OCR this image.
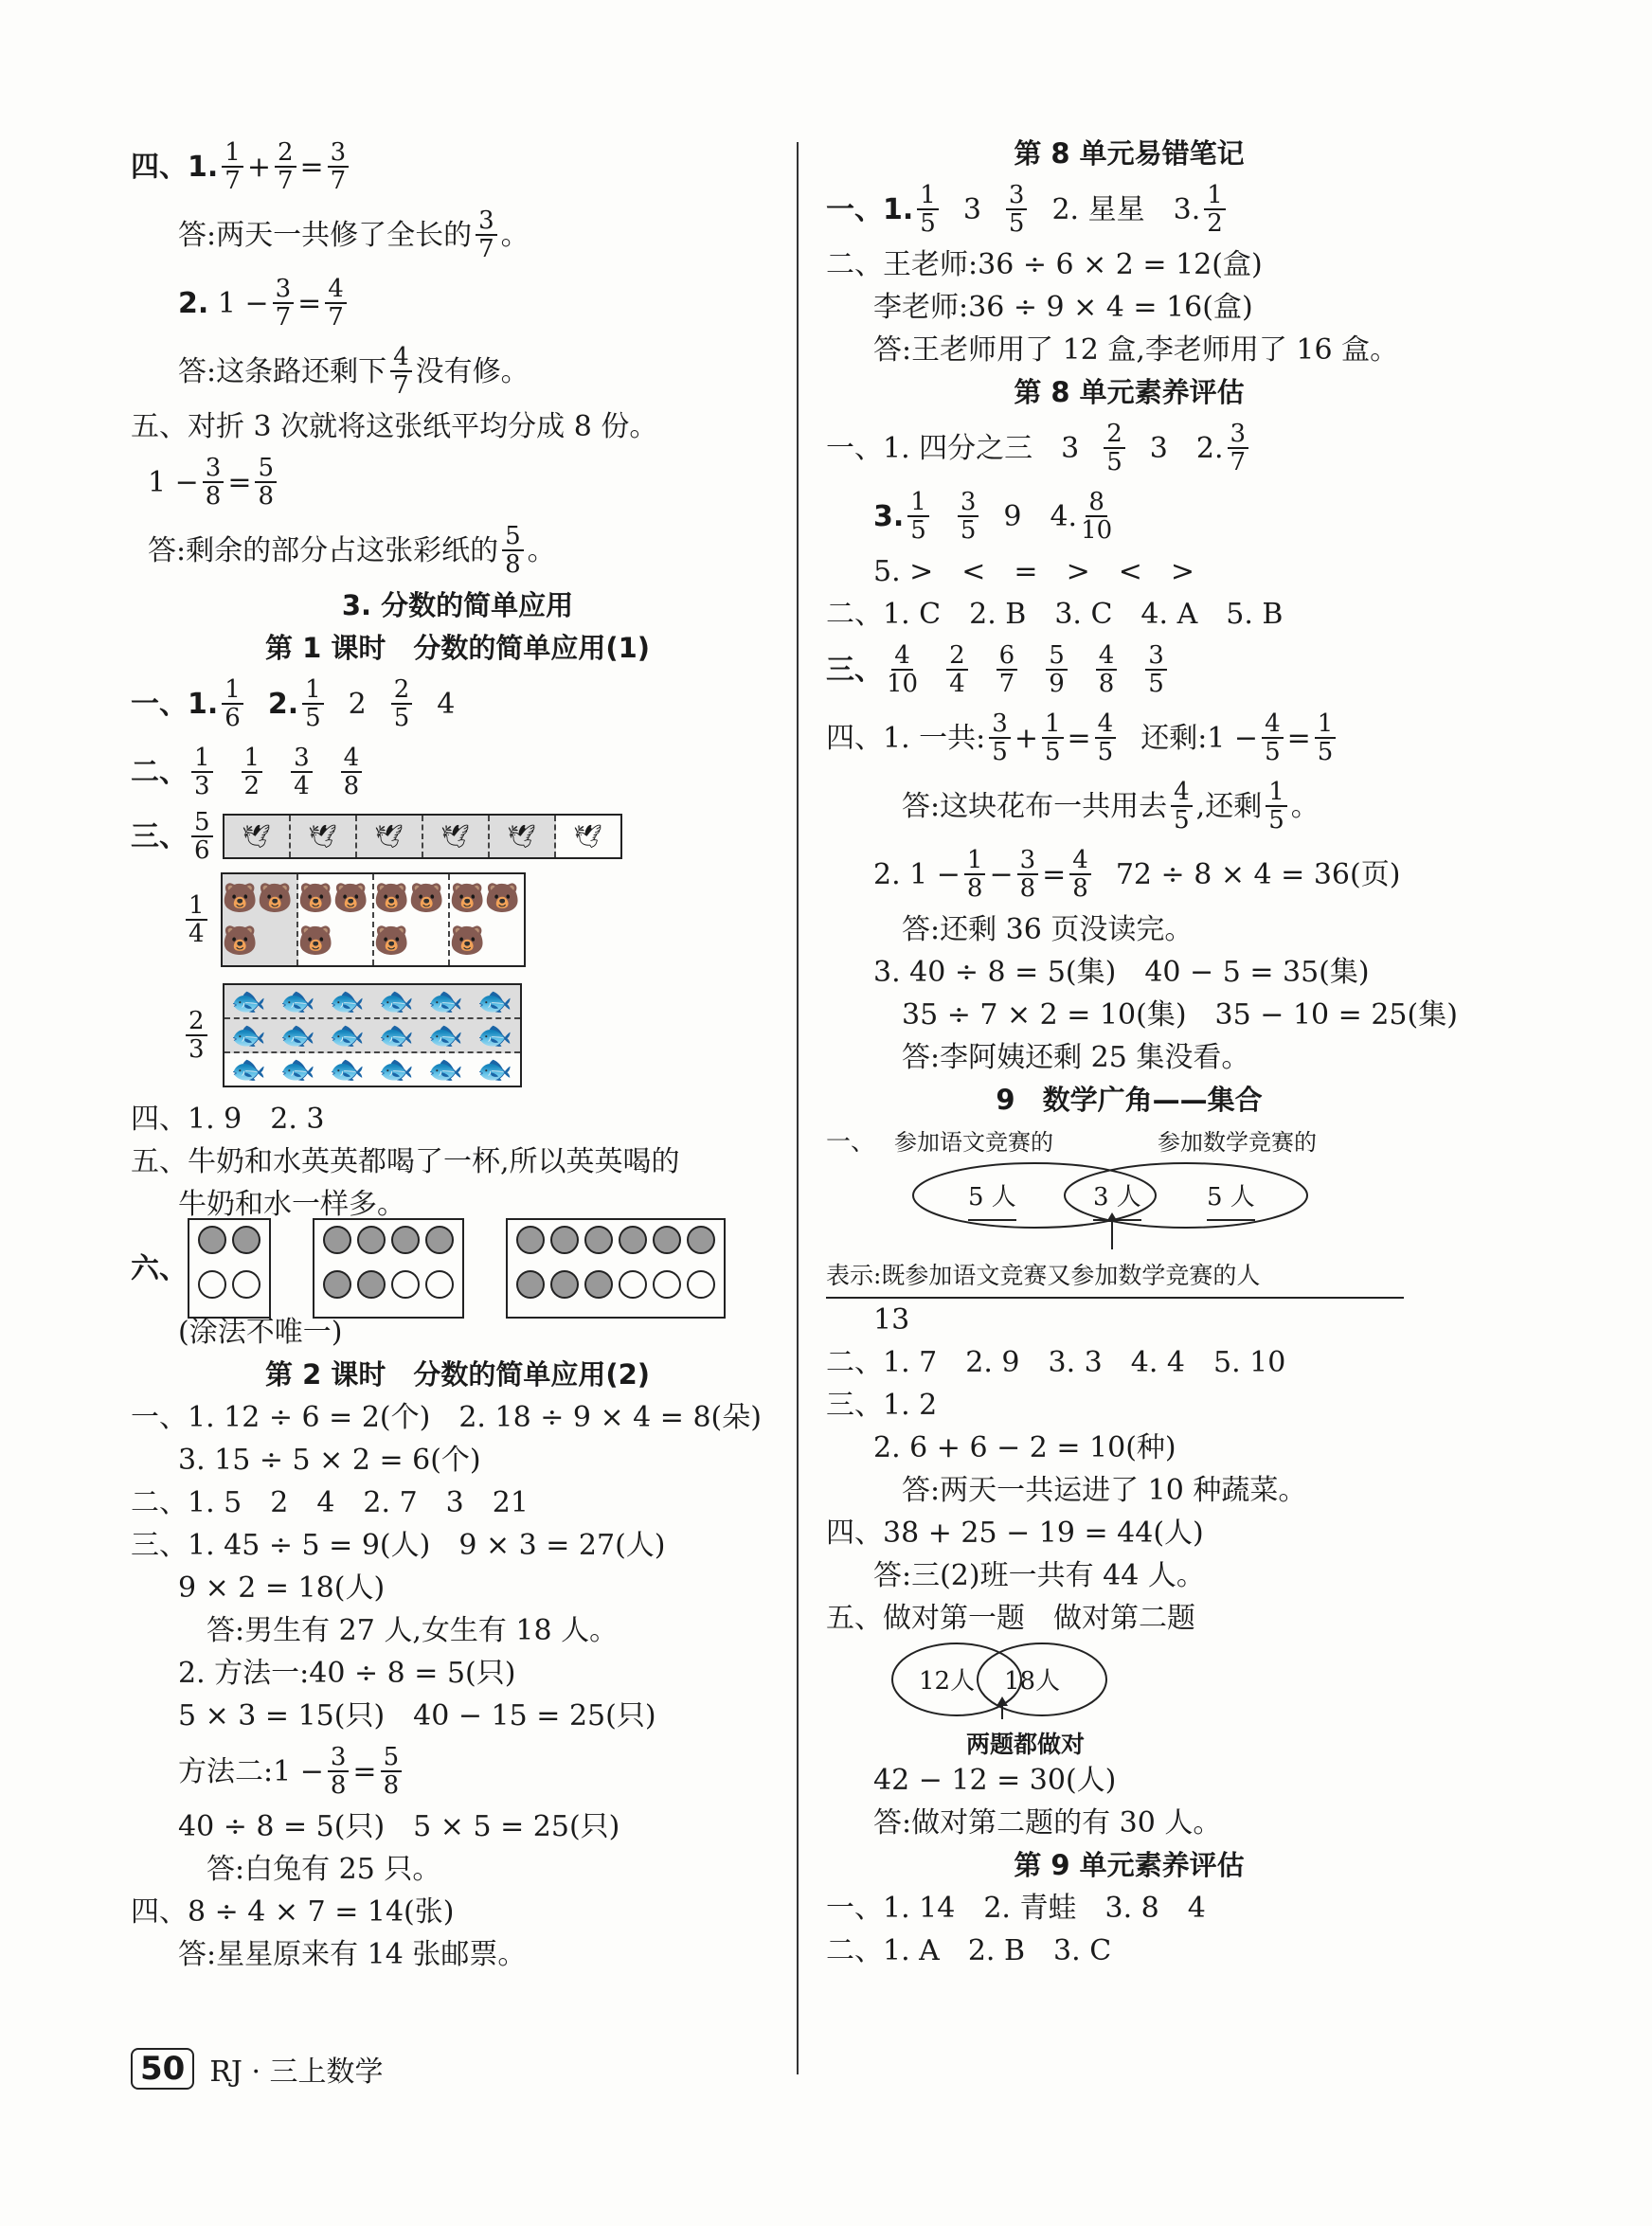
四、1. $\frac{1}{7} + \frac{2}{7} = \frac{3}{7}$
答:两天一共修了全长的 $\frac{3}{7}$ 。
2. $1 - \frac{3}{7} = \frac{4}{7}$
答:这条路还剩下 $\frac{4}{7}$ 没有修。
五、对折 3 次就将这张纸平均分成 8 份。
$1 - \frac{3}{8} = \frac{5}{8}$
答:剩余的部分占这张彩纸的 $\frac{5}{8}$ 。
3. 分数的简单应用
第 1 课时　分数的简单应用(1)
一、1. $\frac{1}{6} 2$. $\frac{1}{5} 2 \frac{2}{5} 4$
二、 $\frac{1}{3} \frac{1}{2} \frac{3}{4} \frac{4}{8}$
三、 $\frac{5}{6}$	🕊	🕊	🕊	🕊	🕊	🕊
$\frac{1}{4}$ 🐻🐻🐻
🐻🐻🐻
🐻🐻🐻
🐻🐻🐻
$\frac{2}{3}$
🐟 🐟 🐟 🐟 🐟 🐟
🐟 🐟 🐟 🐟 🐟 🐟
🐟 🐟 🐟 🐟 🐟 🐟
四、1. 9　2. 3
五、牛奶和水英英都喝了一杯,所以英英喝的
牛奶和水一样多。
六、
(涂法不唯一)
第 2 课时　分数的简单应用(2)
一、1. 12 ÷ 6 = 2(个)　2. 18 ÷ 9 × 4 = 8(朵)
3. 15 ÷ 5 × 2 = 6(个)
二、1. 5　2　4　2. 7　3　21
三、1. 45 ÷ 5 = 9(人)　9 × 3 = 27(人)
9 × 2 = 18(人)
答:男生有 27 人,女生有 18 人。
2. 方法一:40 ÷ 8 = 5(只)
5 × 3 = 15(只)　40 − 15 = 25(只)
方法二:1 − $\frac{3}{8} = \frac{5}{8}$
40 ÷ 8 = 5(只)　5 × 5 = 25(只)
答:白兔有 25 只。
四、8 ÷ 4 × 7 = 14(张)
答:星星原来有 14 张邮票。
第 8 单元易错笔记
一、1. $\frac{1}{5} 3 \frac{3}{5} 2$. 星星　3. $\frac{1}{2}$
二、王老师:36 ÷ 6 × 2 = 12(盒)
李老师:36 ÷ 9 × 4 = 16(盒)
答:王老师用了 12 盒,李老师用了 16 盒。
第 8 单元素养评估
一、1. 四分之三　$3 \frac{2}{5} 3$　2. $\frac{3}{7}$
3. $\frac{1}{5} \frac{3}{5} 9$　4. $\frac{8}{10}$
5. >　<　=　>　<　>
二、1. C　2. B　3. C　4. A　5. B
三、 $\frac{4}{10} \frac{2}{4} \frac{6}{7} \frac{5}{9} \frac{4}{8} \frac{3}{5}$
四、1. 一共: $\frac{3}{5} + \frac{1}{5} = \frac{4}{5}$ 还剩:1 − $\frac{4}{5} = \frac{1}{5}$
答:这块花布一共用去 $\frac{4}{5}$ ,还剩 $\frac{1}{5}$ 。
2. $1 - \frac{1}{8} - \frac{3}{8} = \frac{4}{8} 72 \div 8 \times 4 = 36$(页)
答:还剩 36 页没读完。
3. 40 ÷ 8 = 5(集)　40 − 5 = 35(集)
35 ÷ 7 × 2 = 10(集)　35 − 10 = 25(集)
答:李阿姨还剩 25 集没看。
9　数学广角——集合
一、 参加语文竞赛的	参加数学竞赛的
5 人	3 人	5 人
表示:既参加语文竞赛又参加数学竞赛的人
13
二、1. 7　2. 9　3. 3　4. 4　5. 10
三、1. 2
2. 6 + 6 − 2 = 10(种)
答:两天一共运进了 10 种蔬菜。
四、38 + 25 − 19 = 44(人)
答:三(2)班一共有 44 人。
五、做对第一题　做对第二题
12人 18人
两题都做对
42 − 12 = 30(人)
答:做对第二题的有 30 人。
第 9 单元素养评估
一、1. 14　2. 青蛙　3. 8　4
二、1. A　2. B　3. C
50 RJ · 三上数学
